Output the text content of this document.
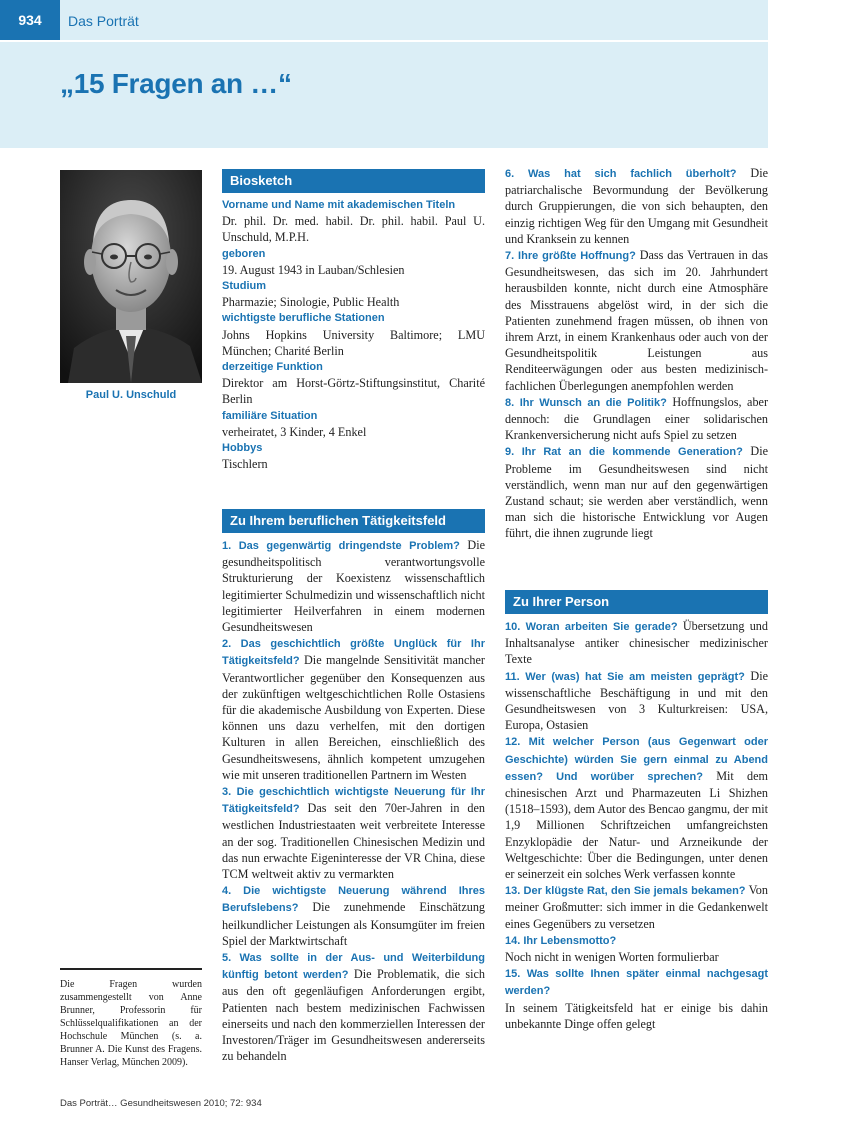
934	Das Porträt
„15 Fragen an …“
Paul U. Unschuld
Die Fragen wurden zusammengestellt von Anne Brunner, Professorin für Schlüsselqualifikationen an der Hochschule München (s. a. Brunner A. Die Kunst des Fragens. Hanser Verlag, München 2009).
Biosketch
Vorname und Name mit akademischen Titeln
Dr. phil. Dr. med. habil. Dr. phil. habil. Paul U. Unschuld, M.P.H.
geboren
19. August 1943 in Lauban/Schlesien
Studium
Pharmazie; Sinologie, Public Health
wichtigste berufliche Stationen
Johns Hopkins University Baltimore; LMU München; Charité Berlin
derzeitige Funktion
Direktor am Horst-Görtz-Stiftungsinstitut, Charité Berlin
familiäre Situation
verheiratet, 3 Kinder, 4 Enkel
Hobbys
Tischlern
Zu Ihrem beruflichen Tätigkeitsfeld

1. Das gegenwärtig dringendste Problem? Die gesundheitspolitisch verantwortungsvolle Strukturierung der Koexistenz wissenschaftlich legitimierter Schulmedizin und wissenschaftlich nicht legitimierter Heilverfahren in einem modernen Gesundheitswesen

2. Das geschichtlich größte Unglück für Ihr Tätigkeitsfeld? Die mangelnde Sensitivität mancher Verantwortlicher gegenüber den Konsequenzen aus der zukünftigen weltgeschichtlichen Rolle Ostasiens für die akademische Ausbildung von Experten. Diese können uns dazu verhelfen, mit den dortigen Kulturen in allen Bereichen, einschließlich des Gesundheitswesens, ähnlich kompetent umzugehen wie mit unseren traditionellen Partnern im Westen

3. Die geschichtlich wichtigste Neuerung für Ihr Tätigkeitsfeld? Das seit den 70er-Jahren in den westlichen Industriestaaten weit verbreitete Interesse an der sog. Traditionellen Chinesischen Medizin und das nun erwachte Eigeninteresse der VR China, diese TCM weltweit aktiv zu vermarkten

4. Die wichtigste Neuerung während Ihres Berufslebens? Die zunehmende Einschätzung heilkundlicher Leistungen als Konsumgüter im freien Spiel der Marktwirtschaft

5. Was sollte in der Aus- und Weiterbildung künftig betont werden? Die Problematik, die sich aus den oft gegenläufigen Anforderungen ergibt, Patienten nach bestem medizinischen Fachwissen einerseits und nach den kommerziellen Interessen der Investoren/Träger im Gesundheitswesen andererseits zu behandeln

6. Was hat sich fachlich überholt? Die patriarchalische Bevormundung der Bevölkerung durch Gruppierungen, die von sich behaupten, den einzig richtigen Weg für den Umgang mit Gesundheit und Kranksein zu kennen

7. Ihre größte Hoffnung? Dass das Vertrauen in das Gesundheitswesen, das sich im 20. Jahrhundert herausbilden konnte, nicht durch eine Atmosphäre des Misstrauens abgelöst wird, in der sich die Patienten zunehmend fragen müssen, ob ihnen von ihrem Arzt, in einem Krankenhaus oder auch von der Gesundheitspolitik Leistungen aus Renditeerwägungen oder aus besten medizinisch-fachlichen Überlegungen anempfohlen werden

8. Ihr Wunsch an die Politik? Hoffnungslos, aber dennoch: die Grundlagen einer solidarischen Krankenversicherung nicht aufs Spiel zu setzen

9. Ihr Rat an die kommende Generation? Die Probleme im Gesundheitswesen sind nicht verständlich, wenn man nur auf den gegenwärtigen Zustand schaut; sie werden aber verständlich, wenn man sich die historische Entwicklung vor Augen führt, die ihnen zugrunde liegt

Zu Ihrer Person

10. Woran arbeiten Sie gerade? Übersetzung und Inhaltsanalyse antiker chinesischer medizinischer Texte

11. Wer (was) hat Sie am meisten geprägt? Die wissenschaftliche Beschäftigung in und mit den Gesundheitswesen von 3 Kulturkreisen: USA, Europa, Ostasien

12. Mit welcher Person (aus Gegenwart oder Geschichte) würden Sie gern einmal zu Abend essen? Und worüber sprechen? Mit dem chinesischen Arzt und Pharmazeuten Li Shizhen (1518–1593), dem Autor des Bencao gangmu, der mit 1,9 Millionen Schriftzeichen umfangreichsten Enzyklopädie der Natur- und Arzneikunde der Weltgeschichte: Über die Bedingungen, unter denen er seinerzeit ein solches Werk verfassen konnte

13. Der klügste Rat, den Sie jemals bekamen? Von meiner Großmutter: sich immer in die Gedankenwelt eines Gegenübers zu versetzen

14. Ihr Lebensmotto?
Noch nicht in wenigen Worten formulierbar

15. Was sollte Ihnen später einmal nachgesagt werden?
In seinem Tätigkeitsfeld hat er einige bis dahin unbekannte Dinge offen gelegt

Das Porträt… Gesundheitswesen 2010; 72: 934
